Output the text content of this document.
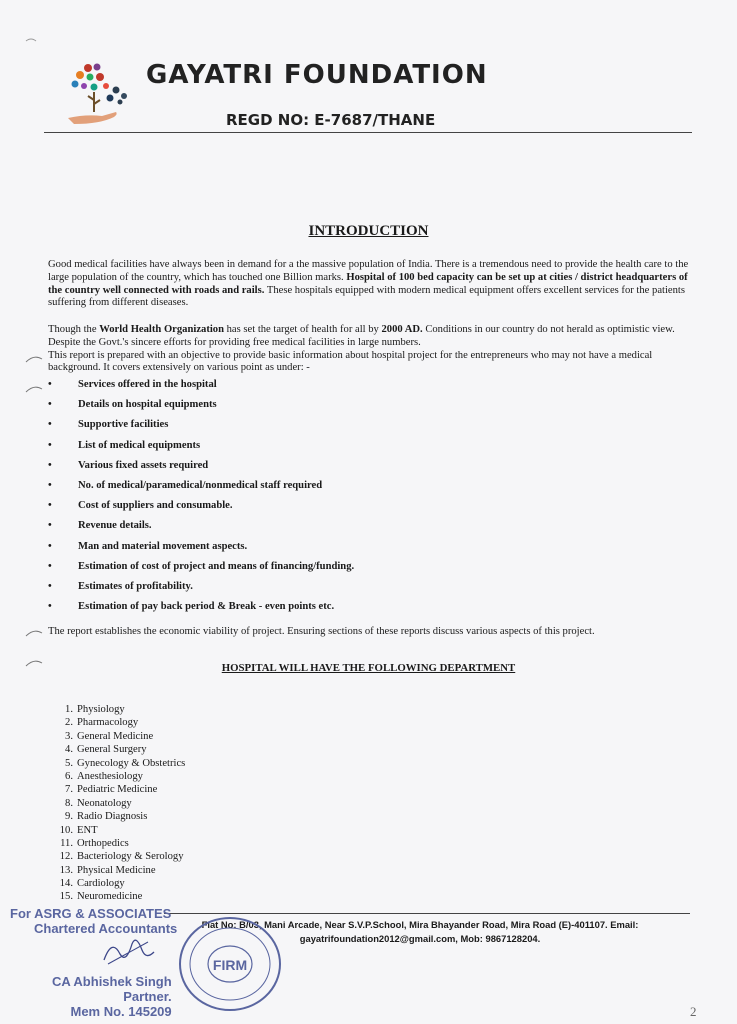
GAYATRI FOUNDATION
REGD NO: E-7687/THANE
INTRODUCTION
Good medical facilities have always been in demand for a the massive population of India. There is a tremendous need to provide the health care to the large population of the country, which has touched one Billion marks. Hospital of 100 bed capacity can be set up at cities / district headquarters of the country well connected with roads and rails. These hospitals equipped with modern medical equipment offers excellent services for the patients suffering from different diseases.
Though the World Health Organization has set the target of health for all by 2000 AD. Conditions in our country do not herald as optimistic view. Despite the Govt.'s sincere efforts for providing free medical facilities in large numbers.
This report is prepared with an objective to provide basic information about hospital project for the entrepreneurs who may not have a medical background. It covers extensively on various point as under: -
• Services offered in the hospital
• Details on hospital equipments
• Supportive facilities
• List of medical equipments
• Various fixed assets required
• No. of medical/paramedical/nonmedical staff required
• Cost of suppliers and consumable.
• Revenue details.
• Man and material movement aspects.
• Estimation of cost of project and means of financing/funding.
• Estimates of profitability.
• Estimation of pay back period & Break - even points etc.
The report establishes the economic viability of project. Ensuring sections of these reports discuss various aspects of this project.
HOSPITAL WILL HAVE THE FOLLOWING DEPARTMENT
1. Physiology
2. Pharmacology
3. General Medicine
4. General Surgery
5. Gynecology & Obstetrics
6. Anesthesiology
7. Pediatric Medicine
8. Neonatology
9. Radio Diagnosis
10. ENT
11. Orthopedics
12. Bacteriology & Serology
13. Physical Medicine
14. Cardiology
15. Neuromedicine
Flat No: B/03, Mani Arcade, Near S.V.P.School, Mira Bhayander Road, Mira Road (E)-401107. Email:
gayatrifoundation2012@gmail.com, Mob: 9867128204.
For ASRG & ASSOCIATES
Chartered Accountants
CA Abhishek Singh
Partner.
Mem No. 145209
FIRM
2
